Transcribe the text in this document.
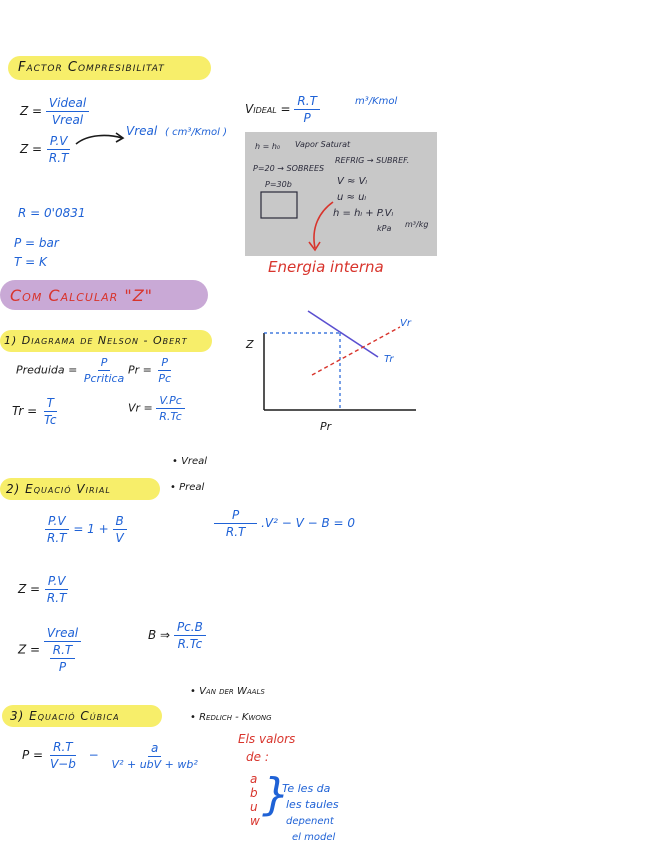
Factor Compresibilitat
$Z = \frac{\text{Videal}}{\text{Vreal}}$
$Z = \frac{P.V}{R.T}$
Vreal ( cm³/Kmol )
Videal = $\frac{R.T}{P}$	m³/Kmol
R = 0'0831
P = bar
T = K
h = h₀ Vapor Saturat
P=20 → SOBREES
REFRIG → SUBREF.
P=30b	V ≈ Vₗ
u ≈ uₗ
h = hₗ + P.Vₗ
kPa m³/kg
Energia interna
Com Calcular "Z"
1) Diagrama de Nelson - Obert
Preduida = $\frac{P}{\text{Pcritica}}$ $Pr = \frac{P}{Pc}$
$Tr = \frac{T}{Tc}$	$Vr = \frac{V.Pc}{R.Tc}$
Z
Pr
Vr
Tr
• Vreal
• Preal
2) Equació Virial
$\frac{P.V}{R.T} = 1 + \frac{B}{V}$	$\frac{P}{R.T} .V^2 - V - B = 0$
$Z = \frac{P.V}{R.T}$
$Z = \frac{\text{Vreal}}{\frac{R.T}{P}}$	B ⇒ $\frac{Pc.B}{R.Tc}$
• Van der Waals
• Redlich - Kwong
3) Equació Cúbica
$P = \frac{R.T}{V-b} - \frac{a}{\text{V² + ubV + wb²}}$
Els valors
de :
a
b
u
w
}
Te les da
les taules
depenent
el model
